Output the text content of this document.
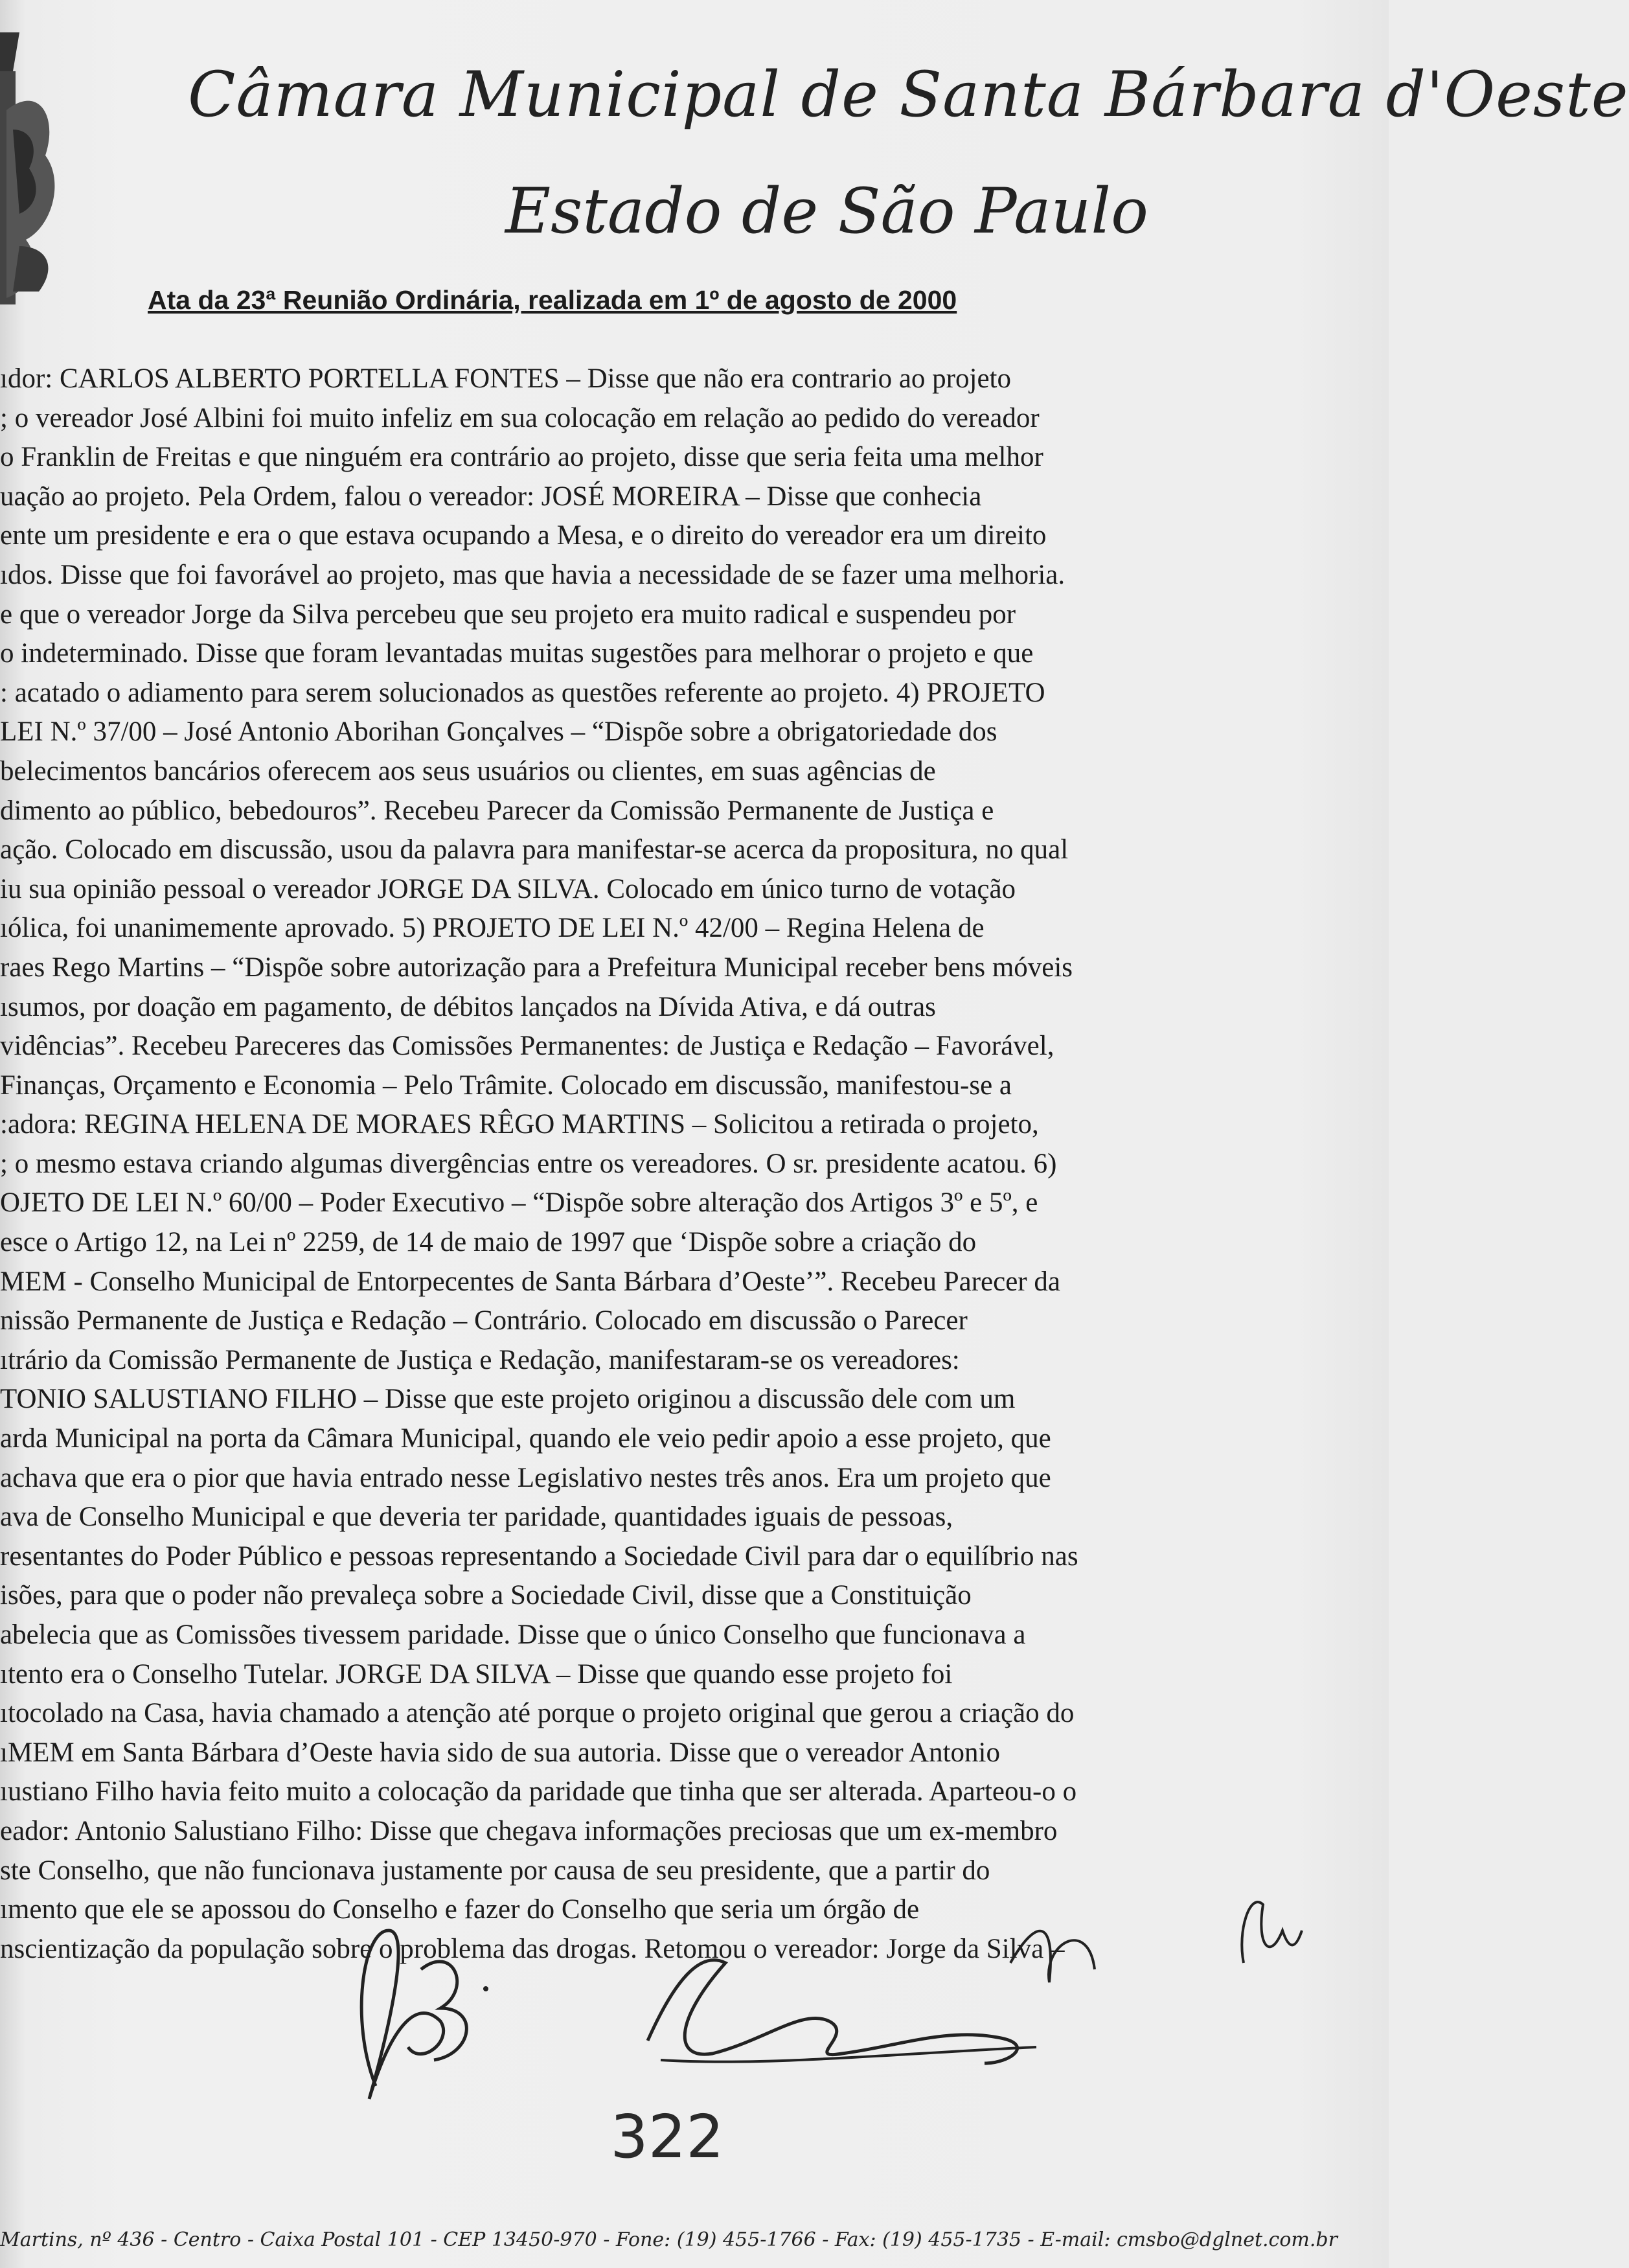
Câmara Municipal de Santa Bárbara d'Oeste
Estado de São Paulo
Ata da 23ª Reunião Ordinária, realizada em 1º de agosto de 2000
ıdor: CARLOS ALBERTO PORTELLA FONTES – Disse que não era contrario ao projeto
; o vereador José Albini foi muito infeliz em sua colocação em relação ao pedido do vereador
o Franklin de Freitas e que ninguém era contrário ao projeto, disse que seria feita uma melhor
uação ao projeto. Pela Ordem, falou o vereador: JOSÉ MOREIRA – Disse que conhecia
ente um presidente e era o que estava ocupando a Mesa, e o direito do vereador era um direito
ıdos. Disse que foi favorável ao projeto, mas que havia a necessidade de se fazer uma melhoria.
e que o vereador Jorge da Silva percebeu que seu projeto era muito radical e suspendeu por
o indeterminado. Disse que foram levantadas muitas sugestões para melhorar o projeto e que
: acatado o adiamento para serem solucionados as questões referente ao projeto. 4) PROJETO
LEI N.º 37/00 – José Antonio Aborihan Gonçalves – “Dispõe sobre a obrigatoriedade dos
belecimentos bancários oferecem aos seus usuários ou clientes, em suas agências de
dimento ao público, bebedouros”. Recebeu Parecer da Comissão Permanente de Justiça e
ação. Colocado em discussão, usou da palavra para manifestar-se acerca da propositura, no qual
iu sua opinião pessoal o vereador JORGE DA SILVA. Colocado em único turno de votação
ıólica, foi unanimemente aprovado. 5) PROJETO DE LEI N.º 42/00 – Regina Helena de
raes Rego Martins – “Dispõe sobre autorização para a Prefeitura Municipal receber bens móveis
ısumos, por doação em pagamento, de débitos lançados na Dívida Ativa, e dá outras
vidências”. Recebeu Pareceres das Comissões Permanentes: de Justiça e Redação – Favorável,
Finanças, Orçamento e Economia – Pelo Trâmite. Colocado em discussão, manifestou-se a
:adora: REGINA HELENA DE MORAES RÊGO MARTINS – Solicitou a retirada o projeto,
; o mesmo estava criando algumas divergências entre os vereadores. O sr. presidente acatou. 6)
OJETO DE LEI N.º 60/00 – Poder Executivo – “Dispõe sobre alteração dos Artigos 3º e 5º, e
esce o Artigo 12, na Lei nº 2259, de 14 de maio de 1997 que ‘Dispõe sobre a criação do
MEM - Conselho Municipal de Entorpecentes de Santa Bárbara d’Oeste’”. Recebeu Parecer da
nissão Permanente de Justiça e Redação – Contrário. Colocado em discussão o Parecer
ıtrário da Comissão Permanente de Justiça e Redação, manifestaram-se os vereadores:
TONIO SALUSTIANO FILHO – Disse que este projeto originou a discussão dele com um
arda Municipal na porta da Câmara Municipal, quando ele veio pedir apoio a esse projeto, que
achava que era o pior que havia entrado nesse Legislativo nestes três anos. Era um projeto que
ava de Conselho Municipal e que deveria ter paridade, quantidades iguais de pessoas,
resentantes do Poder Público e pessoas representando a Sociedade Civil para dar o equilíbrio nas
isões, para que o poder não prevaleça sobre a Sociedade Civil, disse que a Constituição
abelecia que as Comissões tivessem paridade. Disse que o único Conselho que funcionava a
ıtento era o Conselho Tutelar. JORGE DA SILVA – Disse que quando esse projeto foi
ıtocolado na Casa, havia chamado a atenção até porque o projeto original que gerou a criação do
ıMEM em Santa Bárbara d’Oeste havia sido de sua autoria. Disse que o vereador Antonio
ıustiano Filho havia feito muito a colocação da paridade que tinha que ser alterada. Aparteou-o o
eador: Antonio Salustiano Filho: Disse que chegava informações preciosas que um ex-membro
ste Conselho, que não funcionava justamente por causa de seu presidente, que a partir do
ımento que ele se apossou do Conselho e fazer do Conselho que seria um órgão de
nscientização da população sobre o problema das drogas. Retomou o vereador: Jorge da Silva –
322
Martins, nº 436 - Centro - Caixa Postal 101 - CEP 13450-970 - Fone: (19) 455-1766 - Fax: (19) 455-1735 - E-mail: cmsbo@dglnet.com.br
